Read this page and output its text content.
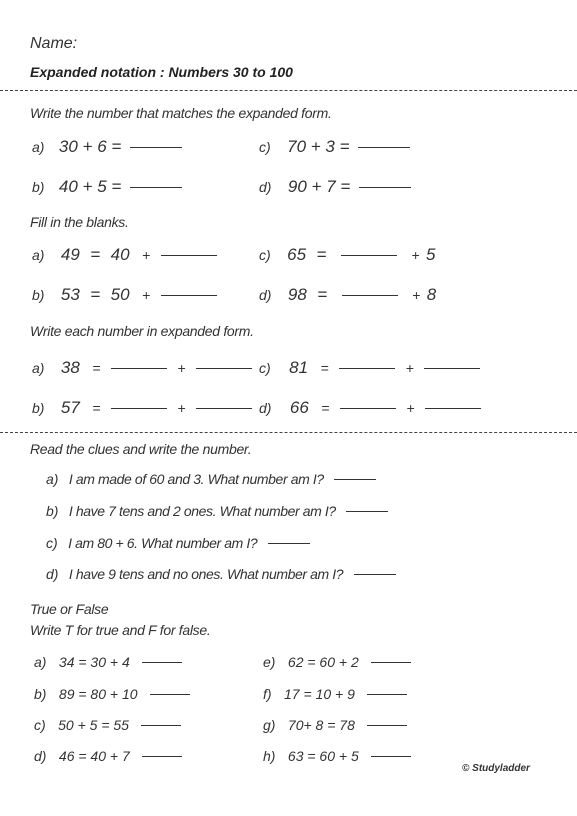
Name:
Expanded notation : Numbers 30 to 100
Write the number that matches the expanded form.
a) 30 + 6 =	c) 70 + 3 =
b) 40 + 5 =	d) 90 + 7 =
Fill in the blanks.
a) 49 = 40 +	c) 65 =	+ 5
b) 53 = 50 +	d) 98 =	+ 8
Write each number in expanded form.
a) 38 =	+	c) 81 =	+
b) 57 =	+	d) 66 =	+
Read the clues and write the number.
a) I am made of 60 and 3. What number am I?
b) I have 7 tens and 2 ones. What number am I?
c) I am 80 + 6. What number am I?
d) I have 9 tens and no ones. What number am I?
True or False
Write T for true and F for false.
a) 34 = 30 + 4	e) 62 = 60 + 2
b) 89 = 80 + 10	f) 17 = 10 + 9
c) 50 + 5 = 55	g) 70+ 8 = 78
d) 46 = 40 + 7	h) 63 = 60 + 5
© Studyladder
